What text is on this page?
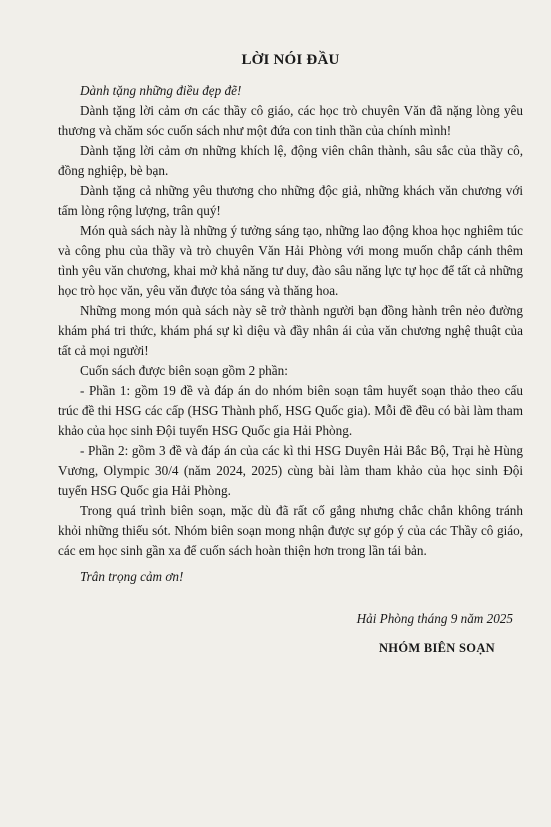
LỜI NÓI ĐẦU

Dành tặng những điều đẹp đẽ!

Dành tặng lời cảm ơn các thầy cô giáo, các học trò chuyên Văn đã nặng lòng yêu thương và chăm sóc cuốn sách như một đứa con tinh thần của chính mình!

Dành tặng lời cảm ơn những khích lệ, động viên chân thành, sâu sắc của thầy cô, đồng nghiệp, bè bạn.

Dành tặng cả những yêu thương cho những độc giả, những khách văn chương với tấm lòng rộng lượng, trân quý!

Món quà sách này là những ý tưởng sáng tạo, những lao động khoa học nghiêm túc và công phu của thầy và trò chuyên Văn Hải Phòng với mong muốn chắp cánh thêm tình yêu văn chương, khai mở khả năng tư duy, đào sâu năng lực tự học để tất cả những học trò học văn, yêu văn được tỏa sáng và thăng hoa.

Những mong món quà sách này sẽ trở thành người bạn đồng hành trên nẻo đường khám phá tri thức, khám phá sự kì diệu và đầy nhân ái của văn chương nghệ thuật của tất cả mọi người!

Cuốn sách được biên soạn gồm 2 phần:

- Phần 1: gồm 19 đề và đáp án do nhóm biên soạn tâm huyết soạn thảo theo cấu trúc đề thi HSG các cấp (HSG Thành phố, HSG Quốc gia). Mỗi đề đều có bài làm tham khảo của học sinh Đội tuyển HSG Quốc gia Hải Phòng.

- Phần 2: gồm 3 đề và đáp án của các kì thi HSG Duyên Hải Bắc Bộ, Trại hè Hùng Vương, Olympic 30/4 (năm 2024, 2025) cùng bài làm tham khảo của học sinh Đội tuyển HSG Quốc gia Hải Phòng.

Trong quá trình biên soạn, mặc dù đã rất cố gắng nhưng chắc chắn không tránh khỏi những thiếu sót. Nhóm biên soạn mong nhận được sự góp ý của các Thầy cô giáo, các em học sinh gần xa để cuốn sách hoàn thiện hơn trong lần tái bản.

Trân trọng cảm ơn!

Hải Phòng tháng 9 năm 2025
NHÓM BIÊN SOẠN
